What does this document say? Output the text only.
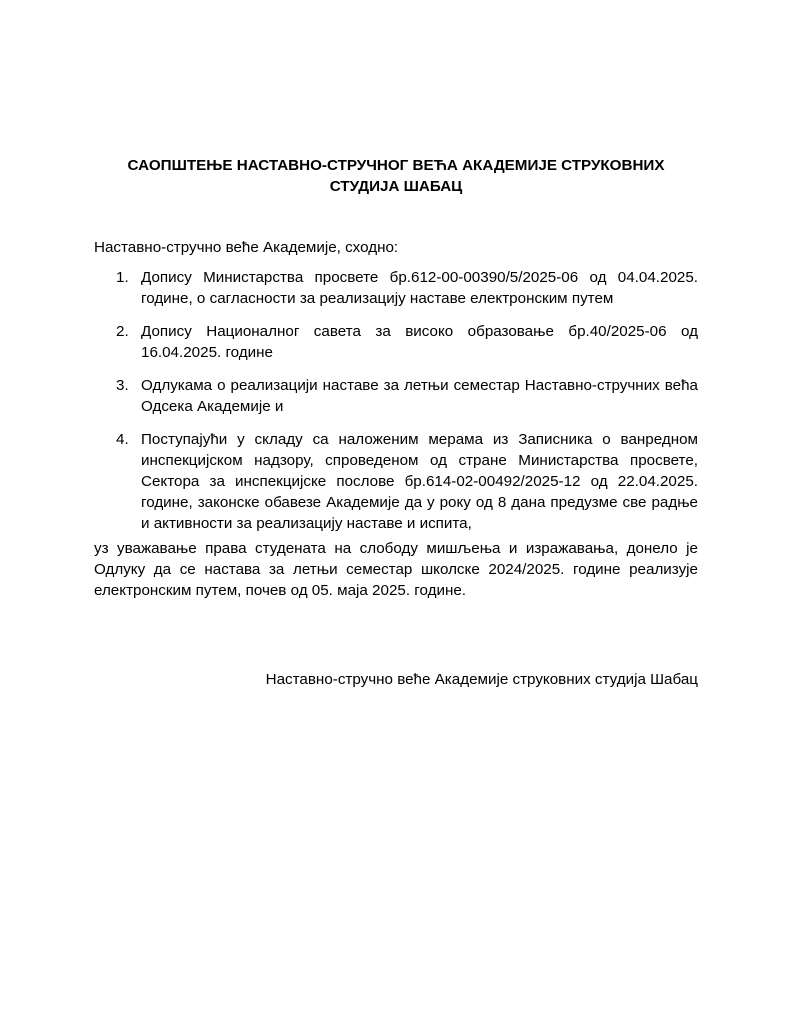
САОПШТЕЊЕ НАСТАВНО-СТРУЧНОГ ВЕЋА АКАДЕМИЈЕ СТРУКОВНИХ СТУДИЈА ШАБАЦ

Наставно-стручно веће Академије, сходно:

1. Допису Министарства просвете бр.612-00-00390/5/2025-06 од 04.04.2025. године, о сагласности за реализацију наставе електронским путем
2. Допису Националног савета за високо образовање бр.40/2025-06 од 16.04.2025. године
3. Одлукама о реализацији наставе за летњи семестар Наставно-стручних већа Одсека Академије и
4. Поступајући у складу са наложеним мерама из Записника о ванредном инспекцијском надзору, спроведеном од стране Министарства просвете, Сектора за инспекцијске послове бр.614-02-00492/2025-12 од 22.04.2025. године, законске обавезе Академије да у року од 8 дана предузме све радње и активности за реализацију наставе и испита,

уз уважавање права студената на слободу мишљења и изражавања, донело је Одлуку да се настава за летњи семестар школске 2024/2025. године реализује електронским путем, почев од 05. маја 2025. године.

Наставно-стручно веће Академије струковних студија Шабац
